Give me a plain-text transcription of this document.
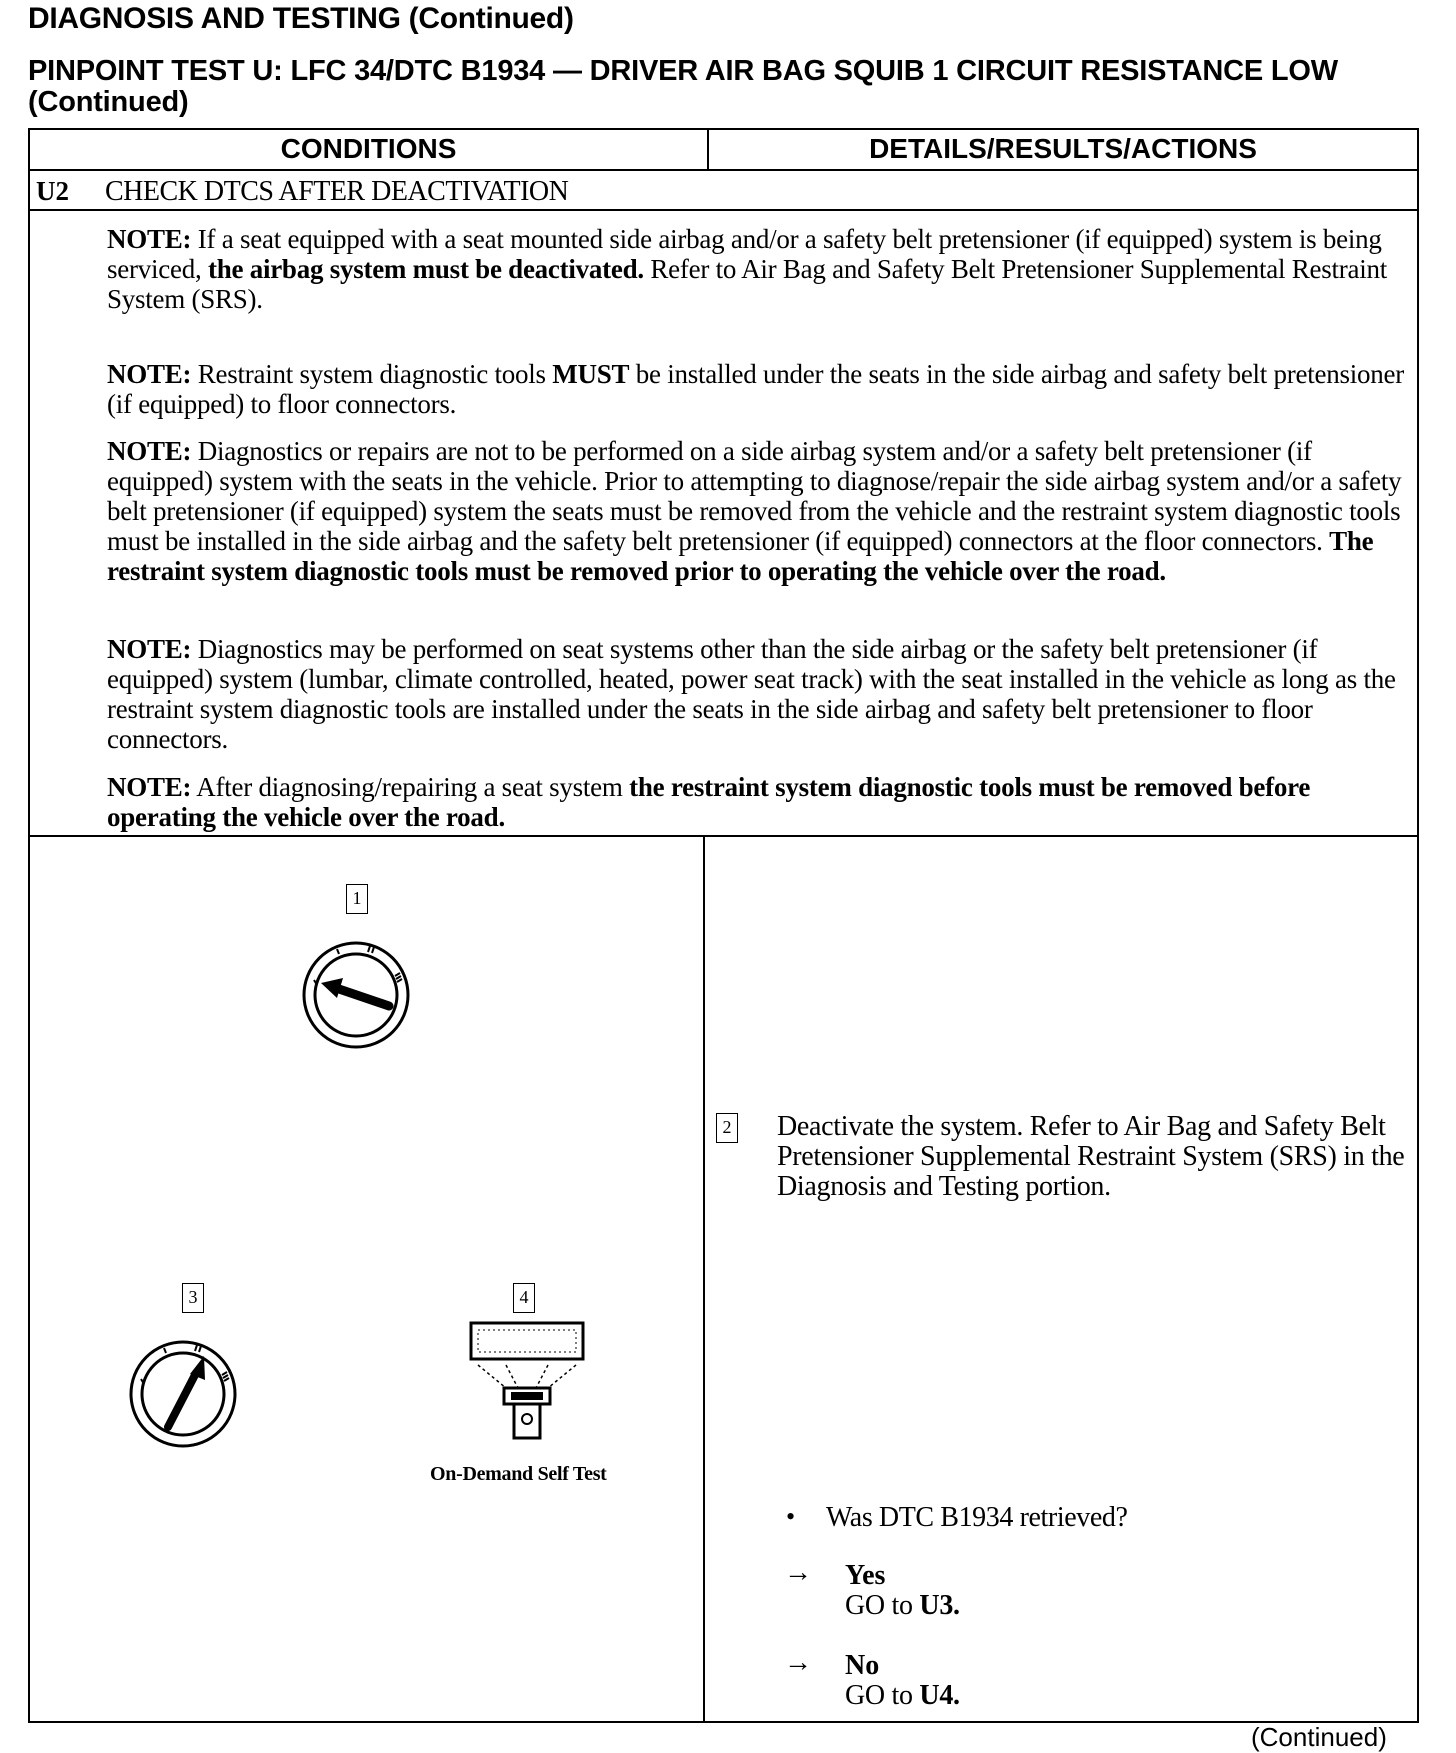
DIAGNOSIS AND TESTING (Continued)
PINPOINT TEST U: LFC 34/DTC B1934 — DRIVER AIR BAG SQUIB 1 CIRCUIT RESISTANCE LOW (Continued)
CONDITIONS	DETAILS/RESULTS/ACTIONS
U2 CHECK DTCS AFTER DEACTIVATION
NOTE: If a seat equipped with a seat mounted side airbag and/or a safety belt pretensioner (if equipped) system is being serviced, the airbag system must be deactivated. Refer to Air Bag and Safety Belt Pretensioner Supplemental Restraint System (SRS).
NOTE: Restraint system diagnostic tools MUST be installed under the seats in the side airbag and safety belt pretensioner (if equipped) to floor connectors.
NOTE: Diagnostics or repairs are not to be performed on a side airbag system and/or a safety belt pretensioner (if equipped) system with the seats in the vehicle. Prior to attempting to diagnose/repair the side airbag system and/or a safety belt pretensioner (if equipped) system the seats must be removed from the vehicle and the restraint system diagnostic tools must be installed in the side airbag and the safety belt pretensioner (if equipped) connectors at the floor connectors. The restraint system diagnostic tools must be removed prior to operating the vehicle over the road.
NOTE: Diagnostics may be performed on seat systems other than the side airbag or the safety belt pretensioner (if equipped) system (lumbar, climate controlled, heated, power seat track) with the seat installed in the vehicle as long as the restraint system diagnostic tools are installed under the seats in the side airbag and safety belt pretensioner to floor connectors.
NOTE: After diagnosing/repairing a seat system the restraint system diagnostic tools must be removed before operating the vehicle over the road.
1
3	4
On-Demand Self Test
2 Deactivate the system. Refer to Air Bag and Safety Belt Pretensioner Supplemental Restraint System (SRS) in the Diagnosis and Testing portion.
• Was DTC B1934 retrieved?
→ Yes
GO to U3.
→ No
GO to U4.
(Continued)
